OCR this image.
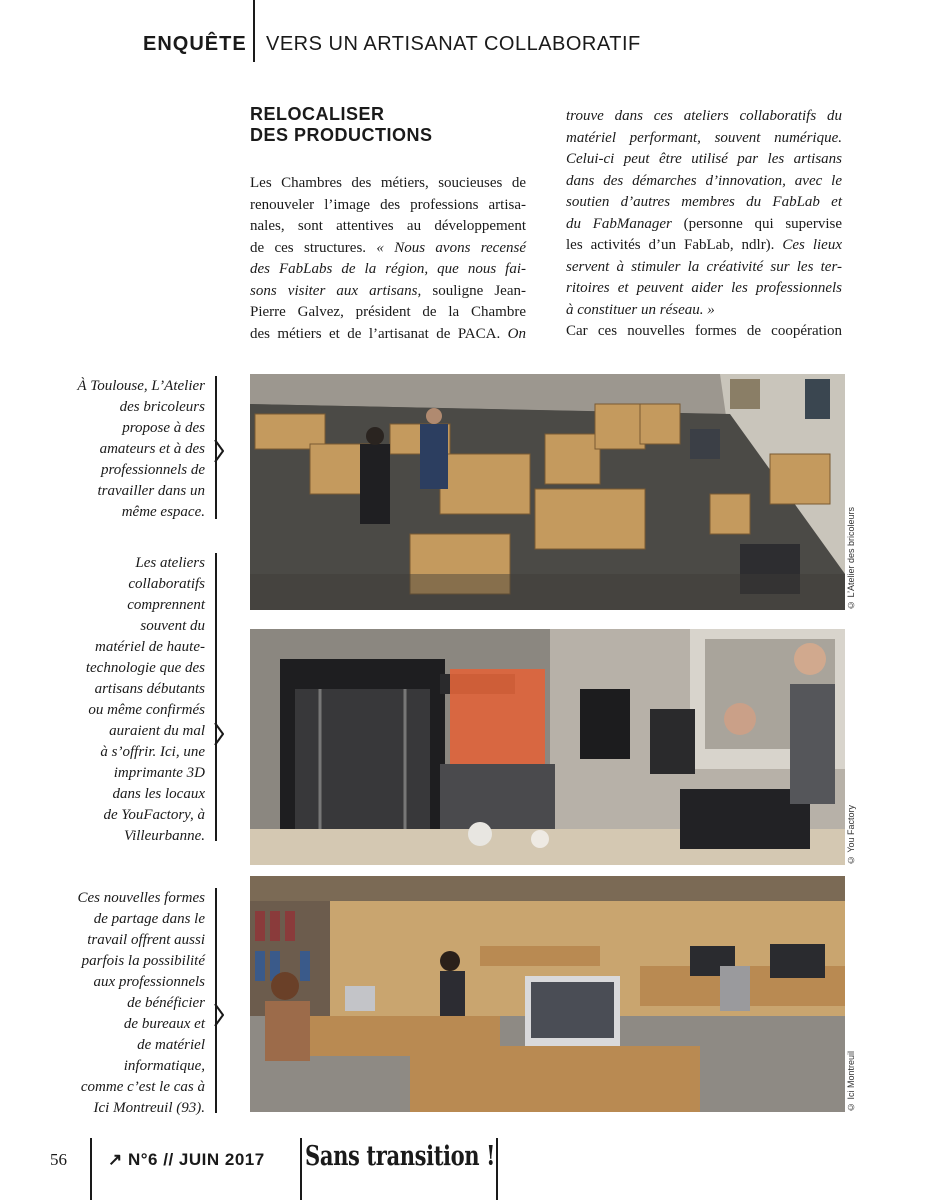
ENQUÊTE VERS UN ARTISANAT COLLABORATIF
RELOCALISER
DES PRODUCTIONS
Les Chambres des métiers, soucieuses de
renouveler l’image des professions artisa-
nales, sont attentives au développement
de ces structures. « Nous avons recensé
des FabLabs de la région, que nous fai-
sons visiter aux artisans, souligne Jean-
Pierre Galvez, président de la Chambre
des métiers et de l’artisanat de PACA. On
trouve dans ces ateliers collaboratifs du
matériel performant, souvent numérique.
Celui-ci peut être utilisé par les artisans
dans des démarches d’innovation, avec le
soutien d’autres membres du FabLab et
du FabManager (personne qui supervise
les activités d’un FabLab, ndlr). Ces lieux
servent à stimuler la créativité sur les ter-
ritoires et peuvent aider les professionnels
à constituer un réseau. »
Car ces nouvelles formes de coopération
À Toulouse, L’Atelier
des bricoleurs
propose à des
amateurs et à des
professionnels de
travailler dans un
même espace.	© L’Atelier des bricoleurs
Les ateliers
collaboratifs
comprennent
souvent du
matériel de haute-
technologie que des
artisans débutants
ou même confirmés
auraient du mal
à s’offrir. Ici, une
imprimante 3D
dans les locaux
de YouFactory, à
Villeurbanne.	© You Factory
Ces nouvelles formes
de partage dans le
travail offrent aussi
parfois la possibilité
aux professionnels
de bénéficier
de bureaux et
de matériel
informatique,
comme c’est le cas à
Ici Montreuil (93).	© Ici Montreuil
56 ↗ N°6 // JUIN 2017 Sans transition !
